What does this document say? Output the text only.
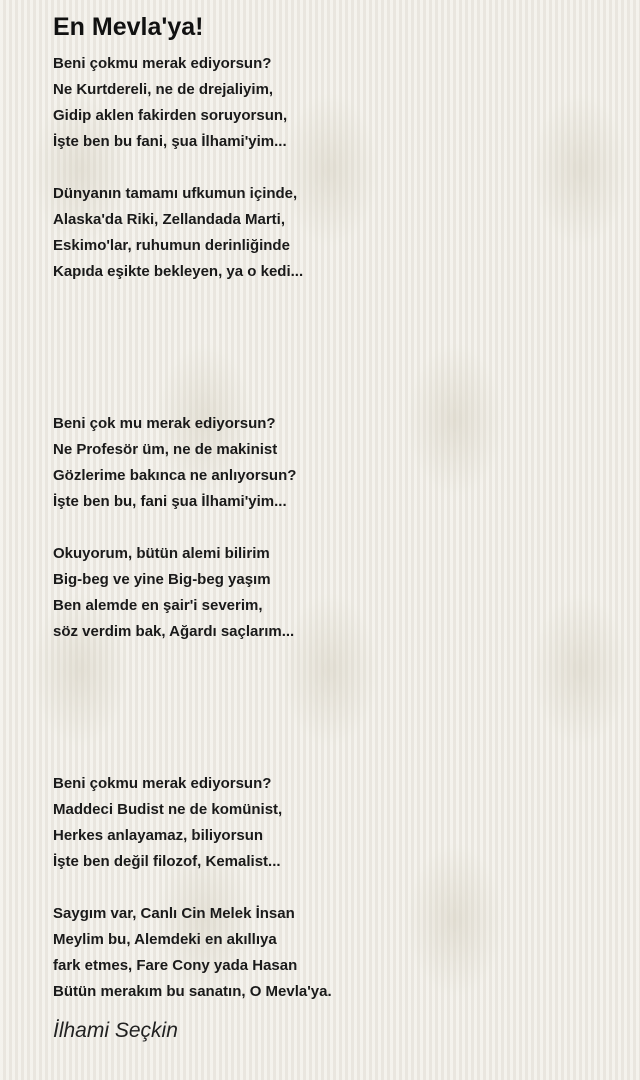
En Mevla'ya!
Beni çokmu merak ediyorsun?
Ne Kurtdereli, ne de drejaliyim,
Gidip aklen fakirden soruyorsun,
İşte ben bu fani, şua İlhami'yim...
Dünyanın tamamı ufkumun içinde,
Alaska'da Riki, Zellandada Marti,
Eskimo'lar, ruhumun derinliğinde
Kapıda eşikte bekleyen, ya o kedi...
Beni çok mu merak ediyorsun?
Ne Profesör üm, ne de makinist
Gözlerime bakınca ne anlıyorsun?
İşte ben bu, fani şua İlhami'yim...
Okuyorum, bütün alemi bilirim
Big-beg ve yine Big-beg yaşım
Ben alemde en şair'i severim,
söz verdim bak, Ağardı saçlarım...
Beni çokmu merak ediyorsun?
Maddeci Budist ne de komünist,
Herkes anlayamaz, biliyorsun
İşte ben değil filozof, Kemalist...
Saygım var, Canlı Cin Melek İnsan
Meylim bu, Alemdeki en akıllıya
fark etmes, Fare Cony yada Hasan
Bütün merakım bu sanatın, O Mevla'ya.
İlhami Seçkin
